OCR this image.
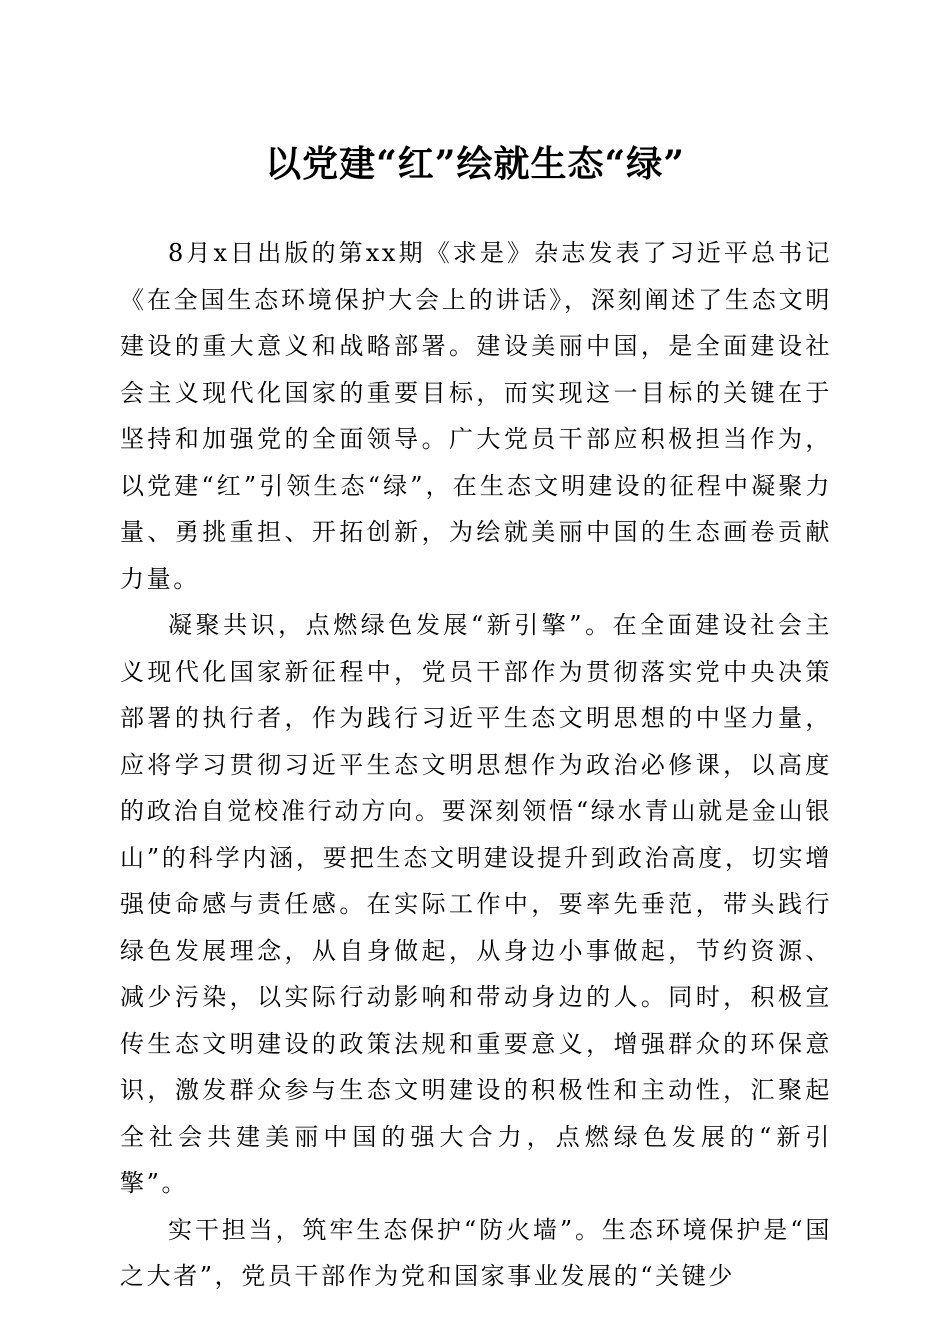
以党建“红”绘就生态“绿”

8月x日出版的第xx期《求是》杂志发表了习近平总书记《在全国生态环境保护大会上的讲话》，深刻阐述了生态文明建设的重大意义和战略部署。建设美丽中国，是全面建设社会主义现代化国家的重要目标，而实现这一目标的关键在于坚持和加强党的全面领导。广大党员干部应积极担当作为，以党建“红”引领生态“绿”，在生态文明建设的征程中凝聚力量、勇挑重担、开拓创新，为绘就美丽中国的生态画卷贡献力量。

凝聚共识，点燃绿色发展“新引擎”。在全面建设社会主义现代化国家新征程中，党员干部作为贯彻落实党中央决策部署的执行者，作为践行习近平生态文明思想的中坚力量，应将学习贯彻习近平生态文明思想作为政治必修课，以高度的政治自觉校准行动方向。要深刻领悟“绿水青山就是金山银山”的科学内涵，要把生态文明建设提升到政治高度，切实增强使命感与责任感。在实际工作中，要率先垂范，带头践行绿色发展理念，从自身做起，从身边小事做起，节约资源、减少污染，以实际行动影响和带动身边的人。同时，积极宣传生态文明建设的政策法规和重要意义，增强群众的环保意识，激发群众参与生态文明建设的积极性和主动性，汇聚起全社会共建美丽中国的强大合力，点燃绿色发展的“新引擎”。

实干担当，筑牢生态保护“防火墙”。生态环境保护是“国之大者”，党员干部作为党和国家事业发展的“关键少
